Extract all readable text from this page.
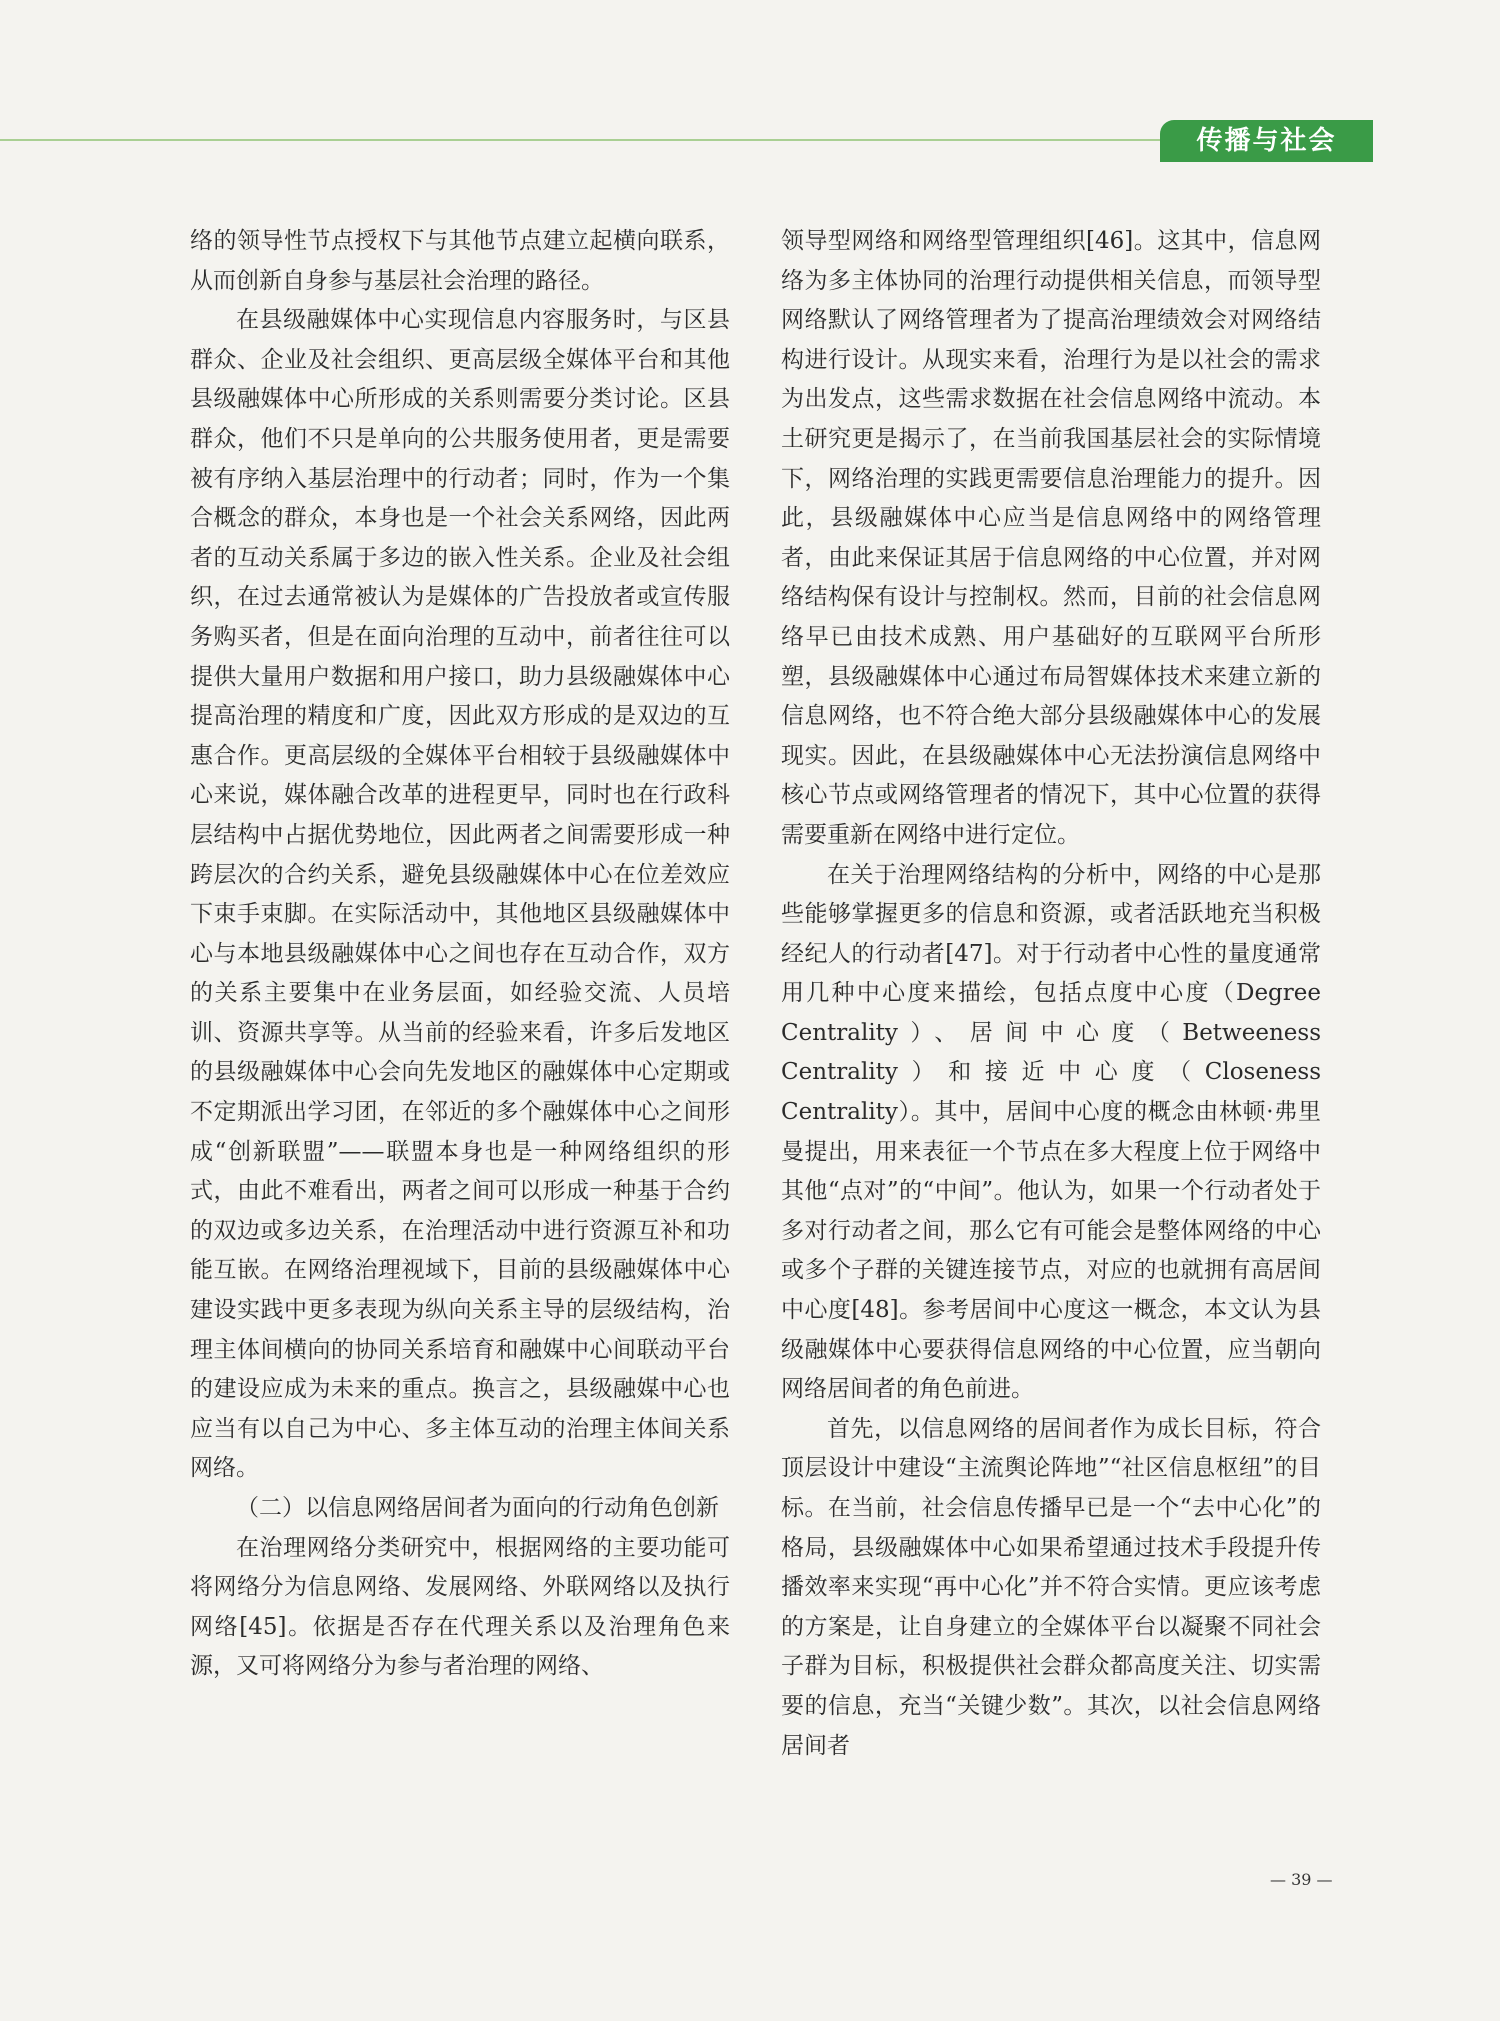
传播与社会

络的领导性节点授权下与其他节点建立起横向联系，从而创新自身参与基层社会治理的路径。

在县级融媒体中心实现信息内容服务时，与区县群众、企业及社会组织、更高层级全媒体平台和其他县级融媒体中心所形成的关系则需要分类讨论。区县群众，他们不只是单向的公共服务使用者，更是需要被有序纳入基层治理中的行动者；同时，作为一个集合概念的群众，本身也是一个社会关系网络，因此两者的互动关系属于多边的嵌入性关系。企业及社会组织，在过去通常被认为是媒体的广告投放者或宣传服务购买者，但是在面向治理的互动中，前者往往可以提供大量用户数据和用户接口，助力县级融媒体中心提高治理的精度和广度，因此双方形成的是双边的互惠合作。更高层级的全媒体平台相较于县级融媒体中心来说，媒体融合改革的进程更早，同时也在行政科层结构中占据优势地位，因此两者之间需要形成一种跨层次的合约关系，避免县级融媒体中心在位差效应下束手束脚。在实际活动中，其他地区县级融媒体中心与本地县级融媒体中心之间也存在互动合作，双方的关系主要集中在业务层面，如经验交流、人员培训、资源共享等。从当前的经验来看，许多后发地区的县级融媒体中心会向先发地区的融媒体中心定期或不定期派出学习团，在邻近的多个融媒体中心之间形成“创新联盟”——联盟本身也是一种网络组织的形式，由此不难看出，两者之间可以形成一种基于合约的双边或多边关系，在治理活动中进行资源互补和功能互嵌。在网络治理视域下，目前的县级融媒体中心建设实践中更多表现为纵向关系主导的层级结构，治理主体间横向的协同关系培育和融媒中心间联动平台的建设应成为未来的重点。换言之，县级融媒中心也应当有以自己为中心、多主体互动的治理主体间关系网络。

（二）以信息网络居间者为面向的行动角色创新

在治理网络分类研究中，根据网络的主要功能可将网络分为信息网络、发展网络、外联网络以及执行网络[45]。依据是否存在代理关系以及治理角色来源，又可将网络分为参与者治理的网络、

领导型网络和网络型管理组织[46]。这其中，信息网络为多主体协同的治理行动提供相关信息，而领导型网络默认了网络管理者为了提高治理绩效会对网络结构进行设计。从现实来看，治理行为是以社会的需求为出发点，这些需求数据在社会信息网络中流动。本土研究更是揭示了，在当前我国基层社会的实际情境下，网络治理的实践更需要信息治理能力的提升。因此，县级融媒体中心应当是信息网络中的网络管理者，由此来保证其居于信息网络的中心位置，并对网络结构保有设计与控制权。然而，目前的社会信息网络早已由技术成熟、用户基础好的互联网平台所形塑，县级融媒体中心通过布局智媒体技术来建立新的信息网络，也不符合绝大部分县级融媒体中心的发展现实。因此，在县级融媒体中心无法扮演信息网络中核心节点或网络管理者的情况下，其中心位置的获得需要重新在网络中进行定位。

在关于治理网络结构的分析中，网络的中心是那些能够掌握更多的信息和资源，或者活跃地充当积极经纪人的行动者[47]。对于行动者中心性的量度通常用几种中心度来描绘，包括点度中心度（Degree Centrality）、居间中心度（Betweeness Centrality）和接近中心度（Closeness Centrality）。其中，居间中心度的概念由林顿·弗里曼提出，用来表征一个节点在多大程度上位于网络中其他“点对”的“中间”。他认为，如果一个行动者处于多对行动者之间，那么它有可能会是整体网络的中心或多个子群的关键连接节点，对应的也就拥有高居间中心度[48]。参考居间中心度这一概念，本文认为县级融媒体中心要获得信息网络的中心位置，应当朝向网络居间者的角色前进。

首先，以信息网络的居间者作为成长目标，符合顶层设计中建设“主流舆论阵地”“社区信息枢纽”的目标。在当前，社会信息传播早已是一个“去中心化”的格局，县级融媒体中心如果希望通过技术手段提升传播效率来实现“再中心化”并不符合实情。更应该考虑的方案是，让自身建立的全媒体平台以凝聚不同社会子群为目标，积极提供社会群众都高度关注、切实需要的信息，充当“关键少数”。其次，以社会信息网络居间者

— 39 —
